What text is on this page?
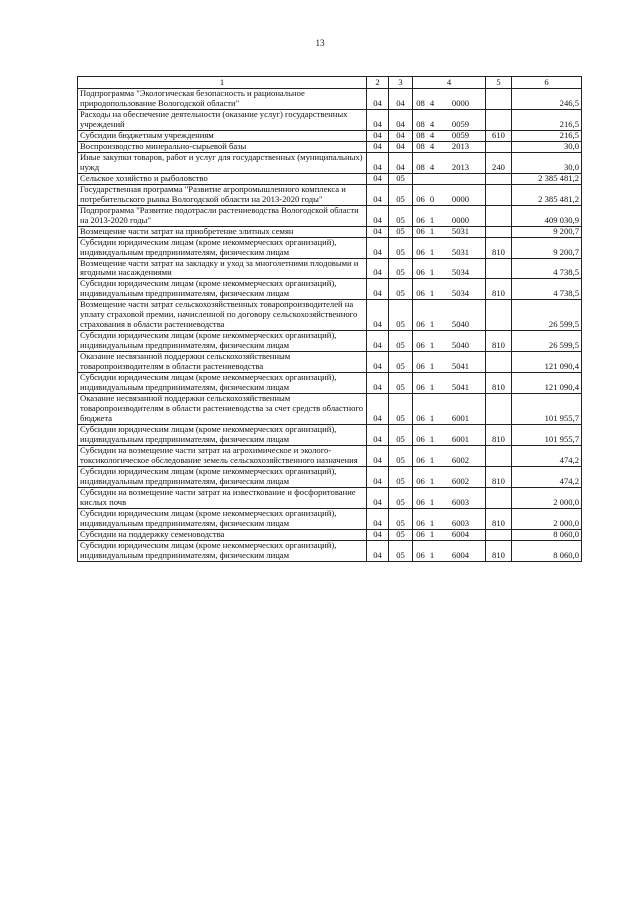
13
1	2	3	4	5	6
Подпрограмма "Экологическая безопасность и рациональное природопользование Вологодской области"	04	04	08 4 0000		246,5
Расходы на обеспечение деятельности (оказание услуг) государственных учреждений	04	04	08 4 0059		216,5
Субсидии бюджетным учреждениям	04	04	08 4 0059	610	216,5
Воспроизводство минерально-сырьевой базы	04	04	08 4 2013		30,0
Иные закупки товаров, работ и услуг для государственных (муниципальных) нужд	04	04	08 4 2013	240	30,0
Сельское хозяйство и рыболовство	04	05			2 385 481,2
Государственная программа "Развитие агропромышленного комплекса и потребительского рынка Вологодской области на 2013-2020 годы"	04	05	06 0 0000		2 385 481,2
Подпрограмма "Развитие подотрасли растениеводства Вологодской области на 2013-2020 годы"	04	05	06 1 0000		409 030,9
Возмещение части затрат на приобретение элитных семян	04	05	06 1 5031		9 200,7
Субсидии юридическим лицам (кроме некоммерческих организаций), индивидуальным предпринимателям, физическим лицам	04	05	06 1 5031	810	9 200,7
Возмещение части затрат на закладку и уход за многолетними плодовыми и ягодными насаждениями	04	05	06 1 5034		4 738,5
Субсидии юридическим лицам (кроме некоммерческих организаций), индивидуальным предпринимателям, физическим лицам	04	05	06 1 5034	810	4 738,5
Возмещение части затрат сельскохозяйственных товаропроизводителей на уплату страховой премии, начисленной по договору сельскохозяйственного страхования в области растениеводства	04	05	06 1 5040		26 599,5
Субсидии юридическим лицам (кроме некоммерческих организаций), индивидуальным предпринимателям, физическим лицам	04	05	06 1 5040	810	26 599,5
Оказание несвязанной поддержки сельскохозяйственным товаропроизводителям в области растениеводства	04	05	06 1 5041		121 090,4
Субсидии юридическим лицам (кроме некоммерческих организаций), индивидуальным предпринимателям, физическим лицам	04	05	06 1 5041	810	121 090,4
Оказание несвязанной поддержки сельскохозяйственным товаропроизводителям в области растениеводства за счет средств областного бюджета	04	05	06 1 6001		101 955,7
Субсидии юридическим лицам (кроме некоммерческих организаций), индивидуальным предпринимателям, физическим лицам	04	05	06 1 6001	810	101 955,7
Субсидии на возмещение части затрат на агрохимическое и эколого-токсикологическое обследование земель сельскохозяйственного назначения	04	05	06 1 6002		474,2
Субсидии юридическим лицам (кроме некоммерческих организаций), индивидуальным предпринимателям, физическим лицам	04	05	06 1 6002	810	474,2
Субсидии на возмещение части затрат на известкование и фосфоритование кислых почв	04	05	06 1 6003		2 000,0
Субсидии юридическим лицам (кроме некоммерческих организаций), индивидуальным предпринимателям, физическим лицам	04	05	06 1 6003	810	2 000,0
Субсидии на поддержку семеноводства	04	05	06 1 6004		8 060,0
Субсидии юридическим лицам (кроме некоммерческих организаций), индивидуальным предпринимателям, физическим лицам	04	05	06 1 6004	810	8 060,0
